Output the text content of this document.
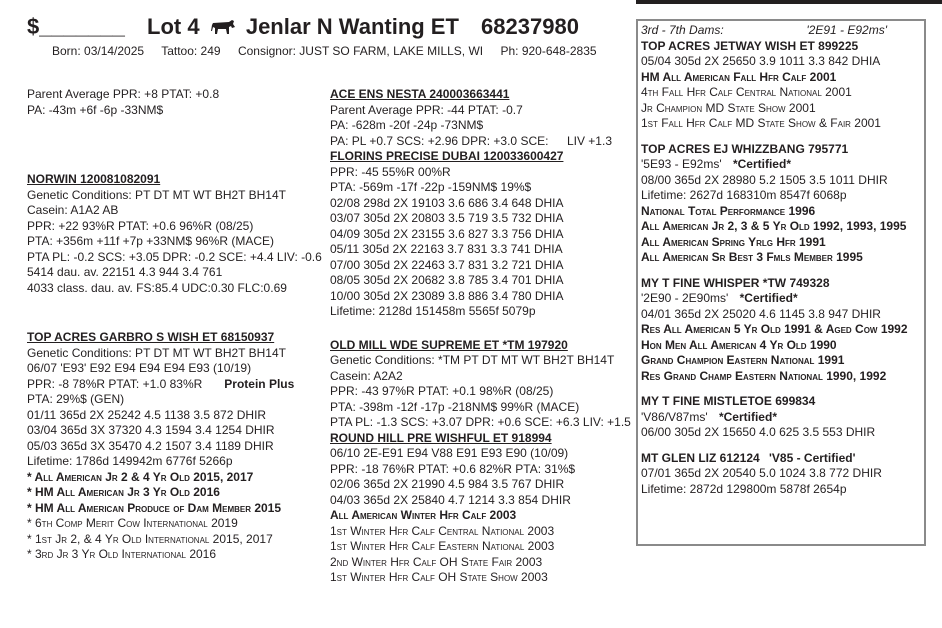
$_______ Lot 4 Jenlar N Wanting ET 68237980
Born: 03/14/2025 Tattoo: 249 Consignor: JUST SO FARM, LAKE MILLS, WI Ph: 920-648-2835
Parent Average PPR: +8 PTAT: +0.8
PA: -43m +6f -6p -33NM$
NORWIN 120081082091
Genetic Conditions: PT DT MT WT BH2T BH14T
Casein: A1A2 AB
PPR: +22 93%R PTAT: +0.6 96%R (08/25)
PTA: +356m +11f +7p +33NM$ 96%R (MACE)
PTA PL: -0.2 SCS: +3.05 DPR: -0.2 SCE: +4.4 LIV: -0.6
5414 dau. av. 22151 4.3 944 3.4 761
4033 class. dau. av. FS:85.4 UDC:0.30 FLC:0.69
TOP ACRES GARBRO S WISH ET 68150937
Genetic Conditions: PT DT MT WT BH2T BH14T
06/07 'E93' E92 E94 E94 E94 E93 (10/19)
PPR: -8 78%R PTAT: +1.0 83%R Protein Plus
PTA: 29%$ (GEN)
01/11 365d 2X 25242 4.5 1138 3.5 872 DHIR
03/04 365d 3X 37320 4.3 1594 3.4 1254 DHIR
05/03 365d 3X 35470 4.2 1507 3.4 1189 DHIR
Lifetime: 1786d 149942m 6776f 5266p
* All American Jr 2 & 4 Yr Old 2015, 2017
* HM All American Jr 3 Yr Old 2016
* HM All American Produce of Dam Member 2015
* 6th Comp Merit Cow International 2019
* 1st Jr 2, & 4 Yr Old International 2015, 2017
* 3rd Jr 3 Yr Old International 2016
ACE ENS NESTA 240003663441
Parent Average PPR: -44 PTAT: -0.7
PA: -628m -20f -24p -73NM$
PA: PL +0.7 SCS: +2.96 DPR: +3.0 SCE: LIV +1.3
FLORINS PRECISE DUBAI 120033600427
PPR: -45 55%R 00%R
PTA: -569m -17f -22p -159NM$ 19%$
02/08 298d 2X 19103 3.6 686 3.4 648 DHIA
03/07 305d 2X 20803 3.5 719 3.5 732 DHIA
04/09 305d 2X 23155 3.6 827 3.3 756 DHIA
05/11 305d 2X 22163 3.7 831 3.3 741 DHIA
07/00 305d 2X 22463 3.7 831 3.2 721 DHIA
08/05 305d 2X 20682 3.8 785 3.4 701 DHIA
10/00 305d 2X 23089 3.8 886 3.4 780 DHIA
Lifetime: 2128d 151458m 5565f 5079p
OLD MILL WDE SUPREME ET *TM 197920
Genetic Conditions: *TM PT DT MT WT BH2T BH14T
Casein: A2A2
PPR: -43 97%R PTAT: +0.1 98%R (08/25)
PTA: -398m -12f -17p -218NM$ 99%R (MACE)
PTA PL: -1.3 SCS: +3.07 DPR: +0.6 SCE: +6.3 LIV: +1.5
ROUND HILL PRE WISHFUL ET 918994
06/10 2E-E91 E94 V88 E91 E93 E90 (10/09)
PPR: -18 76%R PTAT: +0.6 82%R PTA: 31%$
02/06 365d 2X 21990 4.5 984 3.5 767 DHIR
04/03 365d 2X 25840 4.7 1214 3.3 854 DHIR
All American Winter Hfr Calf 2003
1st Winter Hfr Calf Central National 2003
1st Winter Hfr Calf Eastern National 2003
2nd Winter Hfr Calf OH State Fair 2003
1st Winter Hfr Calf OH State Show 2003
3rd - 7th Dams:	'2E91 - E92ms'
TOP ACRES JETWAY WISH ET 899225
05/04 305d 2X 25650 3.9 1011 3.3 842 DHIA
HM All American Fall Hfr Calf 2001
4th Fall Hfr Calf Central National 2001
Jr Champion MD State Show 2001
1st Fall Hfr Calf MD State Show & Fair 2001
TOP ACRES EJ WHIZZBANG 795771
'5E93 - E92ms' *Certified*
08/00 365d 2X 28980 5.2 1505 3.5 1011 DHIR
Lifetime: 2627d 168310m 8547f 6068p
National Total Performance 1996
All American Jr 2, 3 & 5 Yr Old 1992, 1993, 1995
All American Spring Yrlg Hfr 1991
All American Sr Best 3 Fmls Member 1995
MY T FINE WHISPER *TW 749328
'2E90 - 2E90ms' *Certified*
04/01 365d 2X 25020 4.6 1145 3.8 947 DHIR
Res All American 5 Yr Old 1991 & Aged Cow 1992
Hon Men All American 4 Yr Old 1990
Grand Champion Eastern National 1991
Res Grand Champ Eastern National 1990, 1992
MY T FINE MISTLETOE 699834
'V86/V87ms' *Certified*
06/00 305d 2X 15650 4.0 625 3.5 553 DHIR
MT GLEN LIZ 612124 'V85 - Certified'
07/01 365d 2X 20540 5.0 1024 3.8 772 DHIR
Lifetime: 2872d 129800m 5878f 2654p
